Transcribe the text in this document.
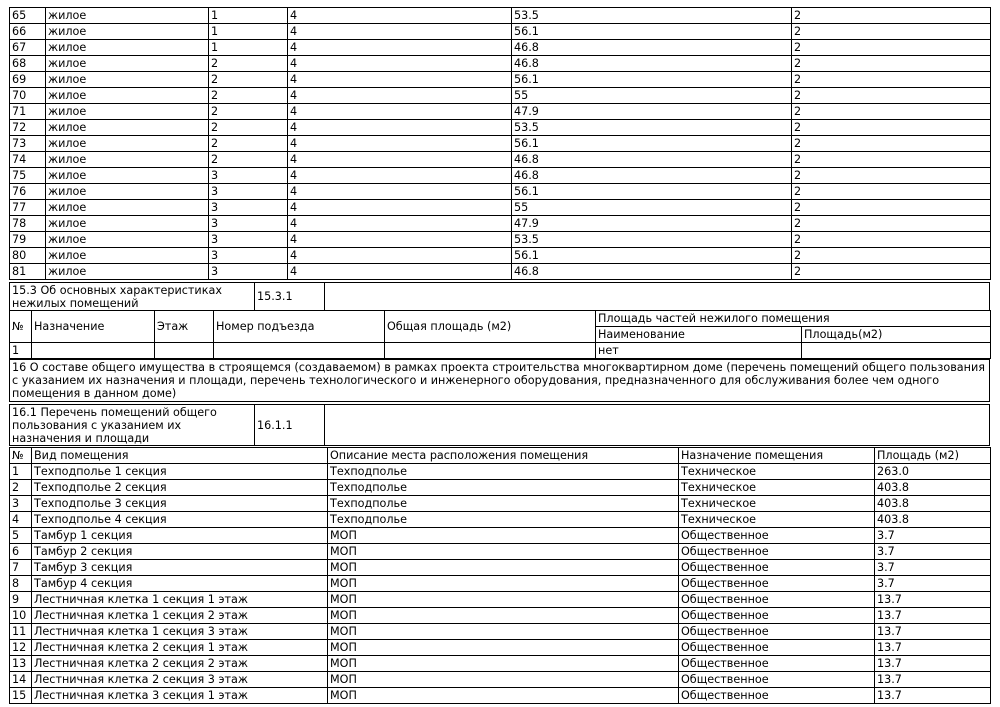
65	жилое	1	4	53.5	2
66	жилое	1	4	56.1	2
67	жилое	1	4	46.8	2
68	жилое	2	4	46.8	2
69	жилое	2	4	56.1	2
70	жилое	2	4	55	2
71	жилое	2	4	47.9	2
72	жилое	2	4	53.5	2
73	жилое	2	4	56.1	2
74	жилое	2	4	46.8	2
75	жилое	3	4	46.8	2
76	жилое	3	4	56.1	2
77	жилое	3	4	55	2
78	жилое	3	4	47.9	2
79	жилое	3	4	53.5	2
80	жилое	3	4	56.1	2
81	жилое	3	4	46.8	2
15.3 Об основных характеристиках нежилых помещений	15.3.1	
№	Назначение	Этаж	Номер подъезда	Общая площадь (м2)	Площадь частей нежилого помещения	
					Наименование	Площадь(м2)
1					нет	
16 О составе общего имущества в строящемся (создаваемом) в рамках проекта строительства многоквартирном доме (перечень помещений общего пользования с указанием их назначения и площади, перечень технологического и инженерного оборудования, предназначенного для обслуживания более чем одного помещения в данном доме)
16.1 Перечень помещений общего пользования с указанием их назначения и площади	16.1.1	
№	Вид помещения	Описание места расположения помещения	Назначение помещения	Площадь (м2)
1	Техподполье 1 секция	Техподполье	Техническое	263.0
2	Техподполье 2 секция	Техподполье	Техническое	403.8
3	Техподполье 3 секция	Техподполье	Техническое	403.8
4	Техподполье 4 секция	Техподполье	Техническое	403.8
5	Тамбур 1 секция	МОП	Общественное	3.7
6	Тамбур 2 секция	МОП	Общественное	3.7
7	Тамбур 3 секция	МОП	Общественное	3.7
8	Тамбур 4 секция	МОП	Общественное	3.7
9	Лестничная клетка 1 секция 1 этаж	МОП	Общественное	13.7
10	Лестничная клетка 1 секция 2 этаж	МОП	Общественное	13.7
11	Лестничная клетка 1 секция 3 этаж	МОП	Общественное	13.7
12	Лестничная клетка 2 секция 1 этаж	МОП	Общественное	13.7
13	Лестничная клетка 2 секция 2 этаж	МОП	Общественное	13.7
14	Лестничная клетка 2 секция 3 этаж	МОП	Общественное	13.7
15	Лестничная клетка 3 секция 1 этаж	МОП	Общественное	13.7
